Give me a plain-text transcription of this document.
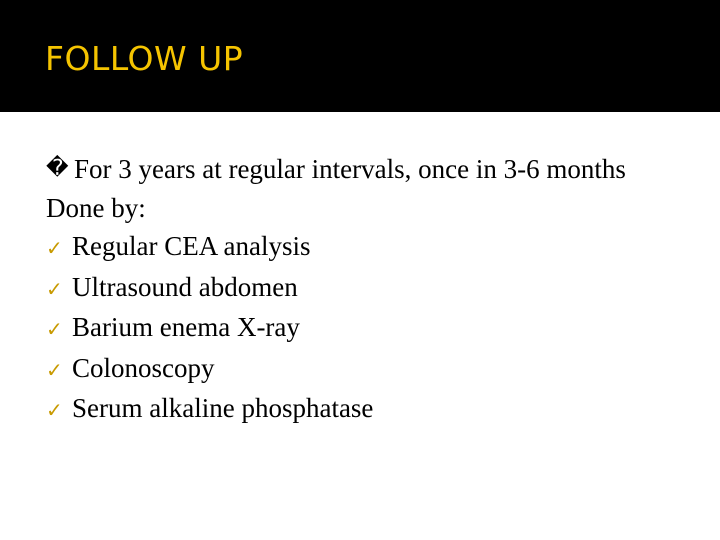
FOLLOW UP
� For 3 years at regular intervals, once in 3-6 months

Done by:

✓ Regular CEA analysis
✓ Ultrasound abdomen
✓ Barium enema X-ray
✓ Colonoscopy
✓ Serum alkaline phosphatase
